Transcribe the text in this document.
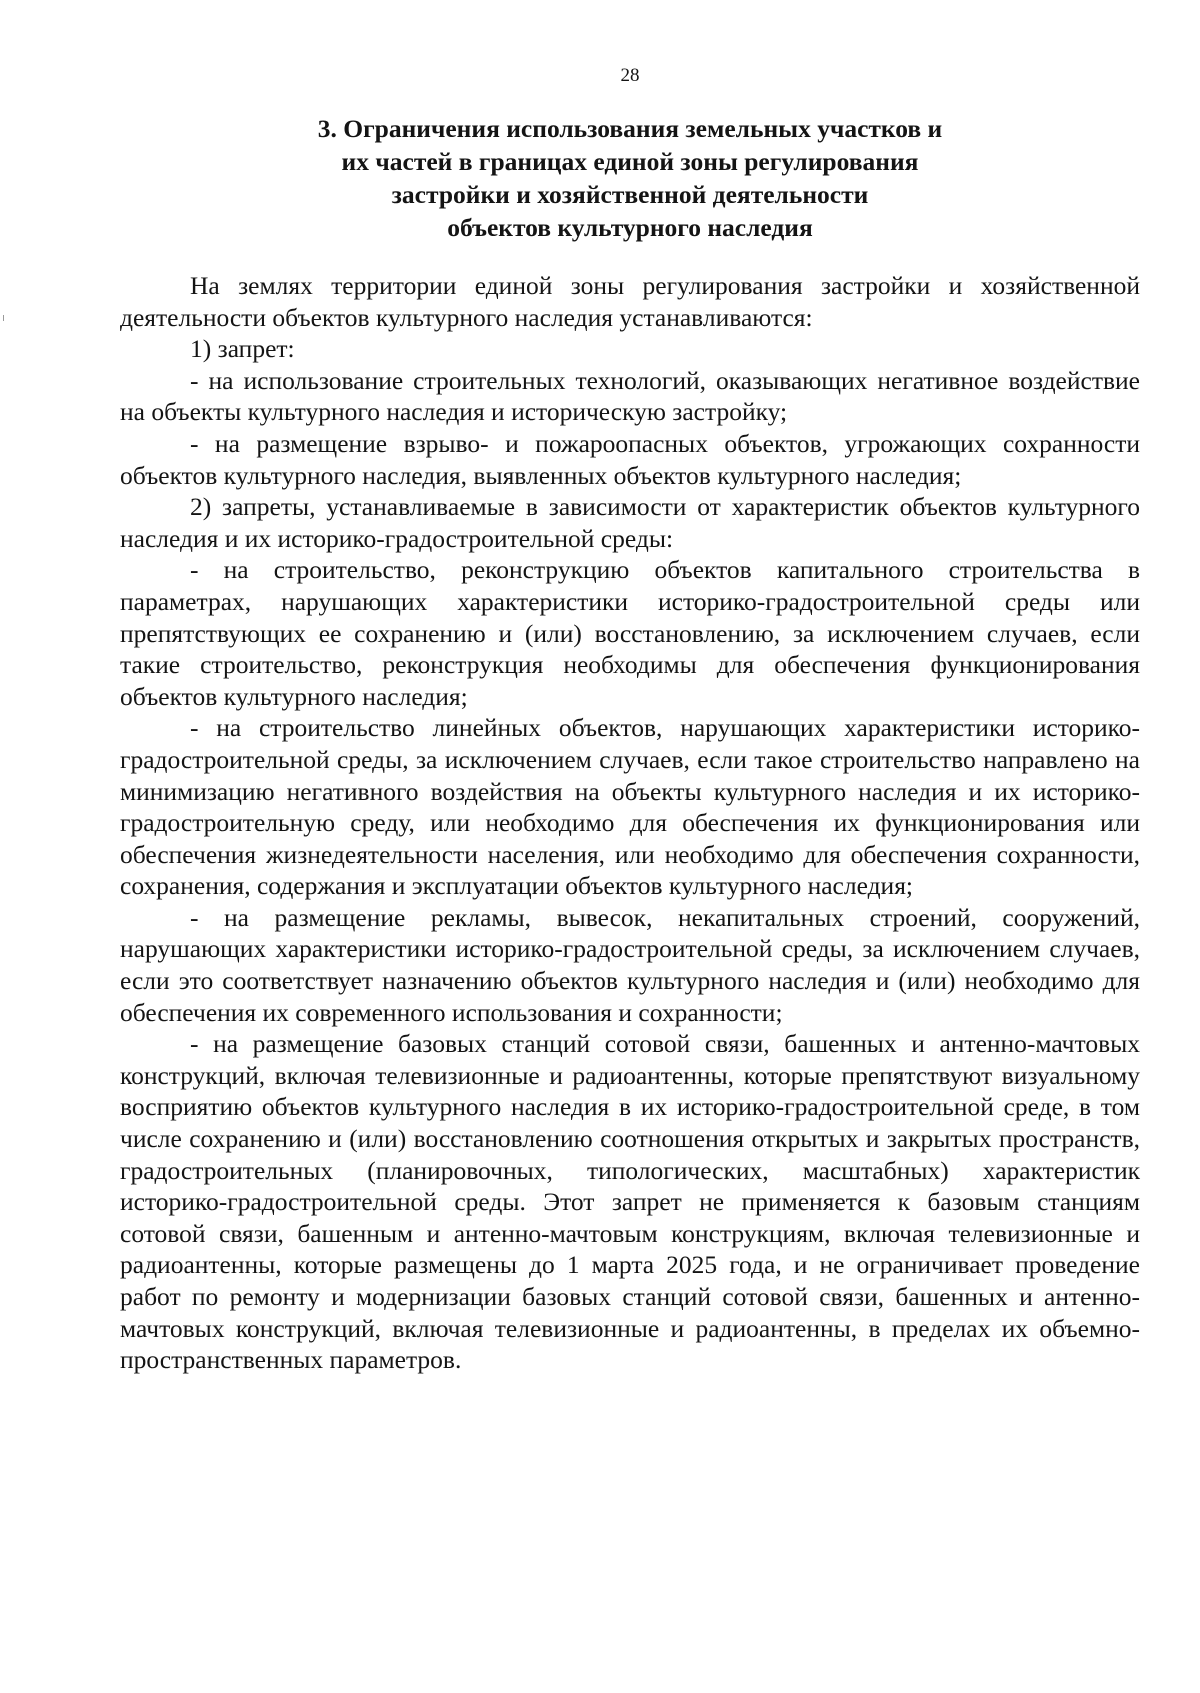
28
3. Ограничения использования земельных участков и
их частей в границах единой зоны регулирования
застройки и хозяйственной деятельности
объектов культурного наследия

На землях территории единой зоны регулирования застройки и хозяйственной деятельности объектов культурного наследия устанавливаются:

1) запрет:

- на использование строительных технологий, оказывающих негативное воздействие на объекты культурного наследия и историческую застройку;

- на размещение взрыво- и пожароопасных объектов, угрожающих сохранности объектов культурного наследия, выявленных объектов культурного наследия;

2) запреты, устанавливаемые в зависимости от характеристик объектов культурного наследия и их историко-градостроительной среды:

- на строительство, реконструкцию объектов капитального строительства в параметрах, нарушающих характеристики историко-градостроительной среды или препятствующих ее сохранению и (или) восстановлению, за исключением случаев, если такие строительство, реконструкция необходимы для обеспечения функционирования объектов культурного наследия;

- на строительство линейных объектов, нарушающих характеристики историко-градостроительной среды, за исключением случаев, если такое строительство направлено на минимизацию негативного воздействия на объекты культурного наследия и их историко-градостроительную среду, или необходимо для обеспечения их функционирования или обеспечения жизнедеятельности населения, или необходимо для обеспечения сохранности, сохранения, содержания и эксплуатации объектов культурного наследия;

- на размещение рекламы, вывесок, некапитальных строений, сооружений, нарушающих характеристики историко-градостроительной среды, за исключением случаев, если это соответствует назначению объектов культурного наследия и (или) необходимо для обеспечения их современного использования и сохранности;

- на размещение базовых станций сотовой связи, башенных и антенно-мачтовых конструкций, включая телевизионные и радиоантенны, которые препятствуют визуальному восприятию объектов культурного наследия в их историко-градостроительной среде, в том числе сохранению и (или) восстановлению соотношения открытых и закрытых пространств, градостроительных (планировочных, типологических, масштабных) характеристик историко-градостроительной среды. Этот запрет не применяется к базовым станциям сотовой связи, башенным и антенно-мачтовым конструкциям, включая телевизионные и радиоантенны, которые размещены до 1 марта 2025 года, и не ограничивает проведение работ по ремонту и модернизации базовых станций сотовой связи, башенных и антенно-мачтовых конструкций, включая телевизионные и радиоантенны, в пределах их объемно-пространственных параметров.
